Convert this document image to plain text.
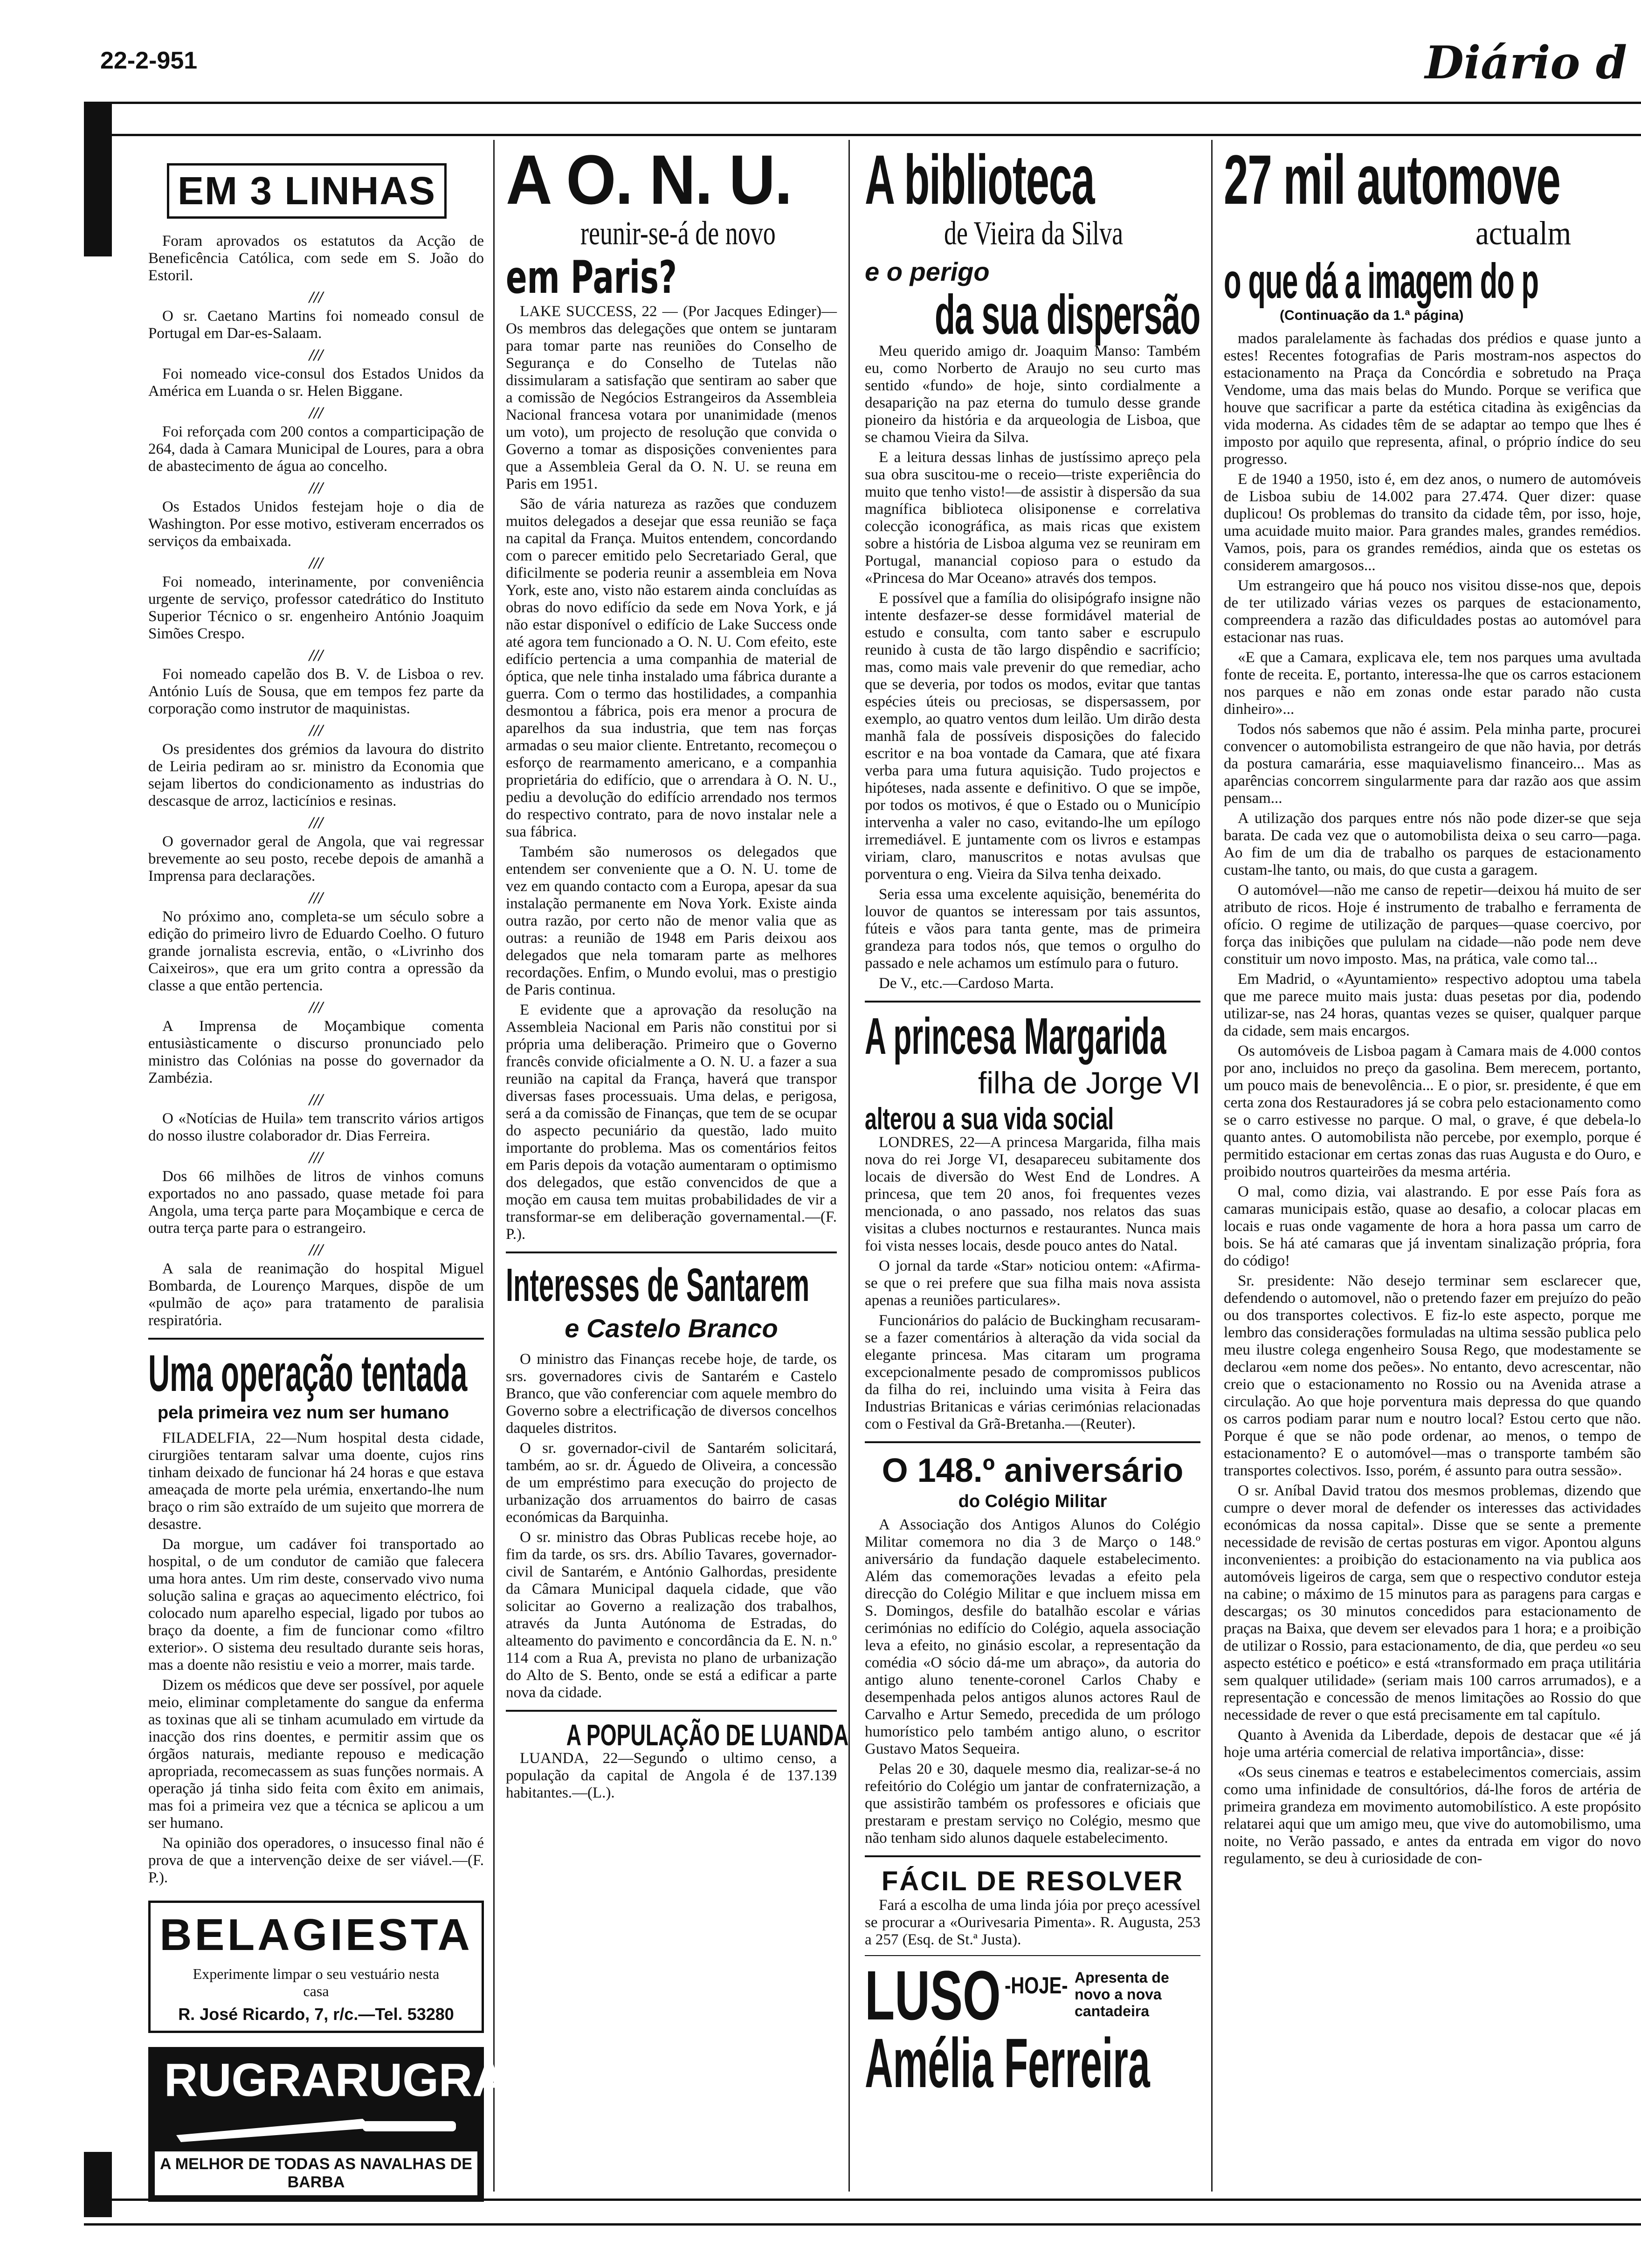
22-2-951	Diário d
EM 3 LINHAS

Foram aprovados os estatutos da Acção de Beneficência Católica, com sede em S. João do Estoril.

///

O sr. Caetano Martins foi nomeado consul de Portugal em Dar-es-Salaam.

///

Foi nomeado vice-consul dos Estados Unidos da América em Luanda o sr. Helen Biggane.

///

Foi reforçada com 200 contos a comparticipação de 264, dada à Camara Municipal de Loures, para a obra de abastecimento de água ao concelho.

///

Os Estados Unidos festejam hoje o dia de Washington. Por esse motivo, estiveram encerrados os serviços da embaixada.

///

Foi nomeado, interinamente, por conveniência urgente de serviço, professor catedrático do Instituto Superior Técnico o sr. engenheiro António Joaquim Simões Crespo.

///

Foi nomeado capelão dos B. V. de Lisboa o rev. António Luís de Sousa, que em tempos fez parte da corporação como instrutor de maquinistas.

///

Os presidentes dos grémios da lavoura do distrito de Leiria pediram ao sr. ministro da Economia que sejam libertos do condicionamento as industrias do descasque de arroz, lacticínios e resinas.

///

O governador geral de Angola, que vai regressar brevemente ao seu posto, recebe depois de amanhã a Imprensa para declarações.

///

No próximo ano, completa-se um século sobre a edição do primeiro livro de Eduardo Coelho. O futuro grande jornalista escrevia, então, o «Livrinho dos Caixeiros», que era um grito contra a opressão da classe a que então pertencia.

///

A Imprensa de Moçambique comenta entusiàsticamente o discurso pronunciado pelo ministro das Colónias na posse do governador da Zambézia.

///

O «Notícias de Huila» tem transcrito vários artigos do nosso ilustre colaborador dr. Dias Ferreira.

///

Dos 66 milhões de litros de vinhos comuns exportados no ano passado, quase metade foi para Angola, uma terça parte para Moçambique e cerca de outra terça parte para o estrangeiro.

///

A sala de reanimação do hospital Miguel Bombarda, de Lourenço Marques, dispõe de um «pulmão de aço» para tratamento de paralisia respiratória.

Uma operação tentada
pela primeira vez num ser humano

FILADELFIA, 22—Num hospital desta cidade, cirurgiões tentaram salvar uma doente, cujos rins tinham deixado de funcionar há 24 horas e que estava ameaçada de morte pela urémia, enxertando-lhe num braço o rim são extraído de um sujeito que morrera de desastre.

Da morgue, um cadáver foi transportado ao hospital, o de um condutor de camião que falecera uma hora antes. Um rim deste, conservado vivo numa solução salina e graças ao aquecimento eléctrico, foi colocado num aparelho especial, ligado por tubos ao braço da doente, a fim de funcionar como «filtro exterior». O sistema deu resultado durante seis horas, mas a doente não resistiu e veio a morrer, mais tarde.

Dizem os médicos que deve ser possível, por aquele meio, eliminar completamente do sangue da enferma as toxinas que ali se tinham acumulado em virtude da inacção dos rins doentes, e permitir assim que os órgãos naturais, mediante repouso e medicação apropriada, recomecassem as suas funções normais. A operação já tinha sido feita com êxito em animais, mas foi a primeira vez que a técnica se aplicou a um ser humano.

Na opinião dos operadores, o insucesso final não é prova de que a intervenção deixe de ser viável.—(F. P.).

BELAGIESTA
Experimente limpar o seu vestuário nesta casa
R. José Ricardo, 7, r/c.—Tel. 53280
RUGRA RUGRA
A MELHOR DE TODAS AS NAVALHAS DE BARBA
A O. N. U.
reunir-se-á de novo
em Paris?

LAKE SUCCESS, 22 — (Por Jacques Edinger)—Os membros das delegações que ontem se juntaram para tomar parte nas reuniões do Conselho de Segurança e do Conselho de Tutelas não dissimularam a satisfação que sentiram ao saber que a comissão de Negócios Estrangeiros da Assembleia Nacional francesa votara por unanimidade (menos um voto), um projecto de resolução que convida o Governo a tomar as disposições convenientes para que a Assembleia Geral da O. N. U. se reuna em Paris em 1951.

São de vária natureza as razões que conduzem muitos delegados a desejar que essa reunião se faça na capital da França. Muitos entendem, concordando com o parecer emitido pelo Secretariado Geral, que dificilmente se poderia reunir a assembleia em Nova York, este ano, visto não estarem ainda concluídas as obras do novo edifício da sede em Nova York, e já não estar disponível o edifício de Lake Success onde até agora tem funcionado a O. N. U. Com efeito, este edifício pertencia a uma companhia de material de óptica, que nele tinha instalado uma fábrica durante a guerra. Com o termo das hostilidades, a companhia desmontou a fábrica, pois era menor a procura de aparelhos da sua industria, que tem nas forças armadas o seu maior cliente. Entretanto, recomeçou o esforço de rearmamento americano, e a companhia proprietária do edifício, que o arrendara à O. N. U., pediu a devolução do edifício arrendado nos termos do respectivo contrato, para de novo instalar nele a sua fábrica.

Também são numerosos os delegados que entendem ser conveniente que a O. N. U. tome de vez em quando contacto com a Europa, apesar da sua instalação permanente em Nova York. Existe ainda outra razão, por certo não de menor valia que as outras: a reunião de 1948 em Paris deixou aos delegados que nela tomaram parte as melhores recordações. Enfim, o Mundo evolui, mas o prestigio de Paris continua.

E evidente que a aprovação da resolução na Assembleia Nacional em Paris não constitui por si própria uma deliberação. Primeiro que o Governo francês convide oficialmente a O. N. U. a fazer a sua reunião na capital da França, haverá que transpor diversas fases processuais. Uma delas, e perigosa, será a da comissão de Finanças, que tem de se ocupar do aspecto pecuniário da questão, lado muito importante do problema. Mas os comentários feitos em Paris depois da votação aumentaram o optimismo dos delegados, que estão convencidos de que a moção em causa tem muitas probabilidades de vir a transformar-se em deliberação governamental.—(F. P.).

Interesses de Santarem
e Castelo Branco

O ministro das Finanças recebe hoje, de tarde, os srs. governadores civis de Santarém e Castelo Branco, que vão conferenciar com aquele membro do Governo sobre a electrificação de diversos concelhos daqueles distritos.

O sr. governador-civil de Santarém solicitará, também, ao sr. dr. Águedo de Oliveira, a concessão de um empréstimo para execução do projecto de urbanização dos arruamentos do bairro de casas económicas da Barquinha.

O sr. ministro das Obras Publicas recebe hoje, ao fim da tarde, os srs. drs. Abílio Tavares, governador-civil de Santarém, e António Galhordas, presidente da Câmara Municipal daquela cidade, que vão solicitar ao Governo a realização dos trabalhos, através da Junta Autónoma de Estradas, do alteamento do pavimento e concordância da E. N. n.º 114 com a Rua A, prevista no plano de urbanização do Alto de S. Bento, onde se está a edificar a parte nova da cidade.

A POPULAÇÃO DE LUANDA

LUANDA, 22—Segundo o ultimo censo, a população da capital de Angola é de 137.139 habitantes.—(L.).

A biblioteca
de Vieira da Silva
e o perigo
da sua dispersão

Meu querido amigo dr. Joaquim Manso: Também eu, como Norberto de Araujo no seu curto mas sentido «fundo» de hoje, sinto cordialmente a desaparição na paz eterna do tumulo desse grande pioneiro da história e da arqueologia de Lisboa, que se chamou Vieira da Silva.

E a leitura dessas linhas de justíssimo apreço pela sua obra suscitou-me o receio—triste experiência do muito que tenho visto!—de assistir à dispersão da sua magnífica biblioteca olisiponense e correlativa colecção iconográfica, as mais ricas que existem sobre a história de Lisboa alguma vez se reuniram em Portugal, manancial copioso para o estudo da «Princesa do Mar Oceano» através dos tempos.

E possível que a família do olisipógrafo insigne não intente desfazer-se desse formidável material de estudo e consulta, com tanto saber e escrupulo reunido à custa de tão largo dispêndio e sacrifício; mas, como mais vale prevenir do que remediar, acho que se deveria, por todos os modos, evitar que tantas espécies úteis ou preciosas, se dispersassem, por exemplo, ao quatro ventos dum leilão. Um dirão desta manhã fala de possíveis disposições do falecido escritor e na boa vontade da Camara, que até fixara verba para uma futura aquisição. Tudo projectos e hipóteses, nada assente e definitivo. O que se impõe, por todos os motivos, é que o Estado ou o Município intervenha a valer no caso, evitando-lhe um epílogo irremediável. E juntamente com os livros e estampas viriam, claro, manuscritos e notas avulsas que porventura o eng. Vieira da Silva tenha deixado.

Seria essa uma excelente aquisição, benemérita do louvor de quantos se interessam por tais assuntos, fúteis e vãos para tanta gente, mas de primeira grandeza para todos nós, que temos o orgulho do passado e nele achamos um estímulo para o futuro.

De V., etc.—Cardoso Marta.

A princesa Margarida
filha de Jorge VI
alterou a sua vida social

LONDRES, 22—A princesa Margarida, filha mais nova do rei Jorge VI, desapareceu subitamente dos locais de diversão do West End de Londres. A princesa, que tem 20 anos, foi frequentes vezes mencionada, o ano passado, nos relatos das suas visitas a clubes nocturnos e restaurantes. Nunca mais foi vista nesses locais, desde pouco antes do Natal.

O jornal da tarde «Star» noticiou ontem: «Afirma-se que o rei prefere que sua filha mais nova assista apenas a reuniões particulares».

Funcionários do palácio de Buckingham recusaram-se a fazer comentários à alteração da vida social da elegante princesa. Mas citaram um programa excepcionalmente pesado de compromissos publicos da filha do rei, incluindo uma visita à Feira das Industrias Britanicas e várias cerimónias relacionadas com o Festival da Grã-Bretanha.—(Reuter).

O 148.º aniversário
do Colégio Militar

A Associação dos Antigos Alunos do Colégio Militar comemora no dia 3 de Março o 148.º aniversário da fundação daquele estabelecimento. Além das comemorações levadas a efeito pela direcção do Colégio Militar e que incluem missa em S. Domingos, desfile do batalhão escolar e várias cerimónias no edifício do Colégio, aquela associação leva a efeito, no ginásio escolar, a representação da comédia «O sócio dá-me um abraço», da autoria do antigo aluno tenente-coronel Carlos Chaby e desempenhada pelos antigos alunos actores Raul de Carvalho e Artur Semedo, precedida de um prólogo humorístico pelo também antigo aluno, o escritor Gustavo Matos Sequeira.

Pelas 20 e 30, daquele mesmo dia, realizar-se-á no refeitório do Colégio um jantar de confraternização, a que assistirão também os professores e oficiais que prestaram e prestam serviço no Colégio, mesmo que não tenham sido alunos daquele estabelecimento.

FÁCIL DE RESOLVER

Fará a escolha de uma linda jóia por preço acessível se procurar a «Ourivesaria Pimenta». R. Augusta, 253 a 257 (Esq. de St.ª Justa).

LUSO -HOJE- Apresenta de novo a nova cantadeira
Amélia Ferreira
27 mil automove
actualm
o que dá a imagem do p
(Continuação da 1.ª página)

mados paralelamente às fachadas dos prédios e quase junto a estes! Recentes fotografias de Paris mostram-nos aspectos do estacionamento na Praça da Concórdia e sobretudo na Praça Vendome, uma das mais belas do Mundo. Porque se verifica que houve que sacrificar a parte da estética citadina às exigências da vida moderna. As cidades têm de se adaptar ao tempo que lhes é imposto por aquilo que representa, afinal, o próprio índice do seu progresso.

E de 1940 a 1950, isto é, em dez anos, o numero de automóveis de Lisboa subiu de 14.002 para 27.474. Quer dizer: quase duplicou! Os problemas do transito da cidade têm, por isso, hoje, uma acuidade muito maior. Para grandes males, grandes remédios. Vamos, pois, para os grandes remédios, ainda que os estetas os considerem amargosos...

Um estrangeiro que há pouco nos visitou disse-nos que, depois de ter utilizado várias vezes os parques de estacionamento, compreendera a razão das dificuldades postas ao automóvel para estacionar nas ruas.

«E que a Camara, explicava ele, tem nos parques uma avultada fonte de receita. E, portanto, interessa-lhe que os carros estacionem nos parques e não em zonas onde estar parado não custa dinheiro»...

Todos nós sabemos que não é assim. Pela minha parte, procurei convencer o automobilista estrangeiro de que não havia, por detrás da postura camarária, esse maquiavelismo financeiro... Mas as aparências concorrem singularmente para dar razão aos que assim pensam...

A utilização dos parques entre nós não pode dizer-se que seja barata. De cada vez que o automobilista deixa o seu carro—paga. Ao fim de um dia de trabalho os parques de estacionamento custam-lhe tanto, ou mais, do que custa a garagem.

O automóvel—não me canso de repetir—deixou há muito de ser atributo de ricos. Hoje é instrumento de trabalho e ferramenta de ofício. O regime de utilização de parques—quase coercivo, por força das inibições que pululam na cidade—não pode nem deve constituir um novo imposto. Mas, na prática, vale como tal...

Em Madrid, o «Ayuntamiento» respectivo adoptou uma tabela que me parece muito mais justa: duas pesetas por dia, podendo utilizar-se, nas 24 horas, quantas vezes se quiser, qualquer parque da cidade, sem mais encargos.

Os automóveis de Lisboa pagam à Camara mais de 4.000 contos por ano, incluidos no preço da gasolina. Bem merecem, portanto, um pouco mais de benevolência... E o pior, sr. presidente, é que em certa zona dos Restauradores já se cobra pelo estacionamento como se o carro estivesse no parque. O mal, o grave, é que debela-lo quanto antes. O automobilista não percebe, por exemplo, porque é permitido estacionar em certas zonas das ruas Augusta e do Ouro, e proibido noutros quarteirões da mesma artéria.

O mal, como dizia, vai alastrando. E por esse País fora as camaras municipais estão, quase ao desafio, a colocar placas em locais e ruas onde vagamente de hora a hora passa um carro de bois. Se há até camaras que já inventam sinalização própria, fora do código!

Sr. presidente: Não desejo terminar sem esclarecer que, defendendo o automovel, não o pretendo fazer em prejuízo do peão ou dos transportes colectivos. E fiz-lo este aspecto, porque me lembro das considerações formuladas na ultima sessão publica pelo meu ilustre colega engenheiro Sousa Rego, que modestamente se declarou «em nome dos peões». No entanto, devo acrescentar, não creio que o estacionamento no Rossio ou na Avenida atrase a circulação. Ao que hoje porventura mais depressa do que quando os carros podiam parar num e noutro local? Estou certo que não. Porque é que se não pode ordenar, ao menos, o tempo de estacionamento? E o automóvel—mas o transporte também são transportes colectivos. Isso, porém, é assunto para outra sessão».

O sr. Aníbal David tratou dos mesmos problemas, dizendo que cumpre o dever moral de defender os interesses das actividades económicas da nossa capital». Disse que se sente a premente necessidade de revisão de certas posturas em vigor. Apontou alguns inconvenientes: a proibição do estacionamento na via publica aos automóveis ligeiros de carga, sem que o respectivo condutor esteja na cabine; o máximo de 15 minutos para as paragens para cargas e descargas; os 30 minutos concedidos para estacionamento de praças na Baixa, que devem ser elevados para 1 hora; e a proibição de utilizar o Rossio, para estacionamento, de dia, que perdeu «o seu aspecto estético e poético» e está «transformado em praça utilitária sem qualquer utilidade» (seriam mais 100 carros arrumados), e a representação e concessão de menos limitações ao Rossio do que necessidade de rever o que está precisamente em tal capítulo.

Quanto à Avenida da Liberdade, depois de destacar que «é já hoje uma artéria comercial de relativa importância», disse:

«Os seus cinemas e teatros e estabelecimentos comerciais, assim como uma infinidade de consultórios, dá-lhe foros de artéria de primeira grandeza em movimento automobilístico. A este propósito relatarei aqui que um amigo meu, que vive do automobilismo, uma noite, no Verão passado, e antes da entrada em vigor do novo regulamento, se deu à curiosidade de con-
